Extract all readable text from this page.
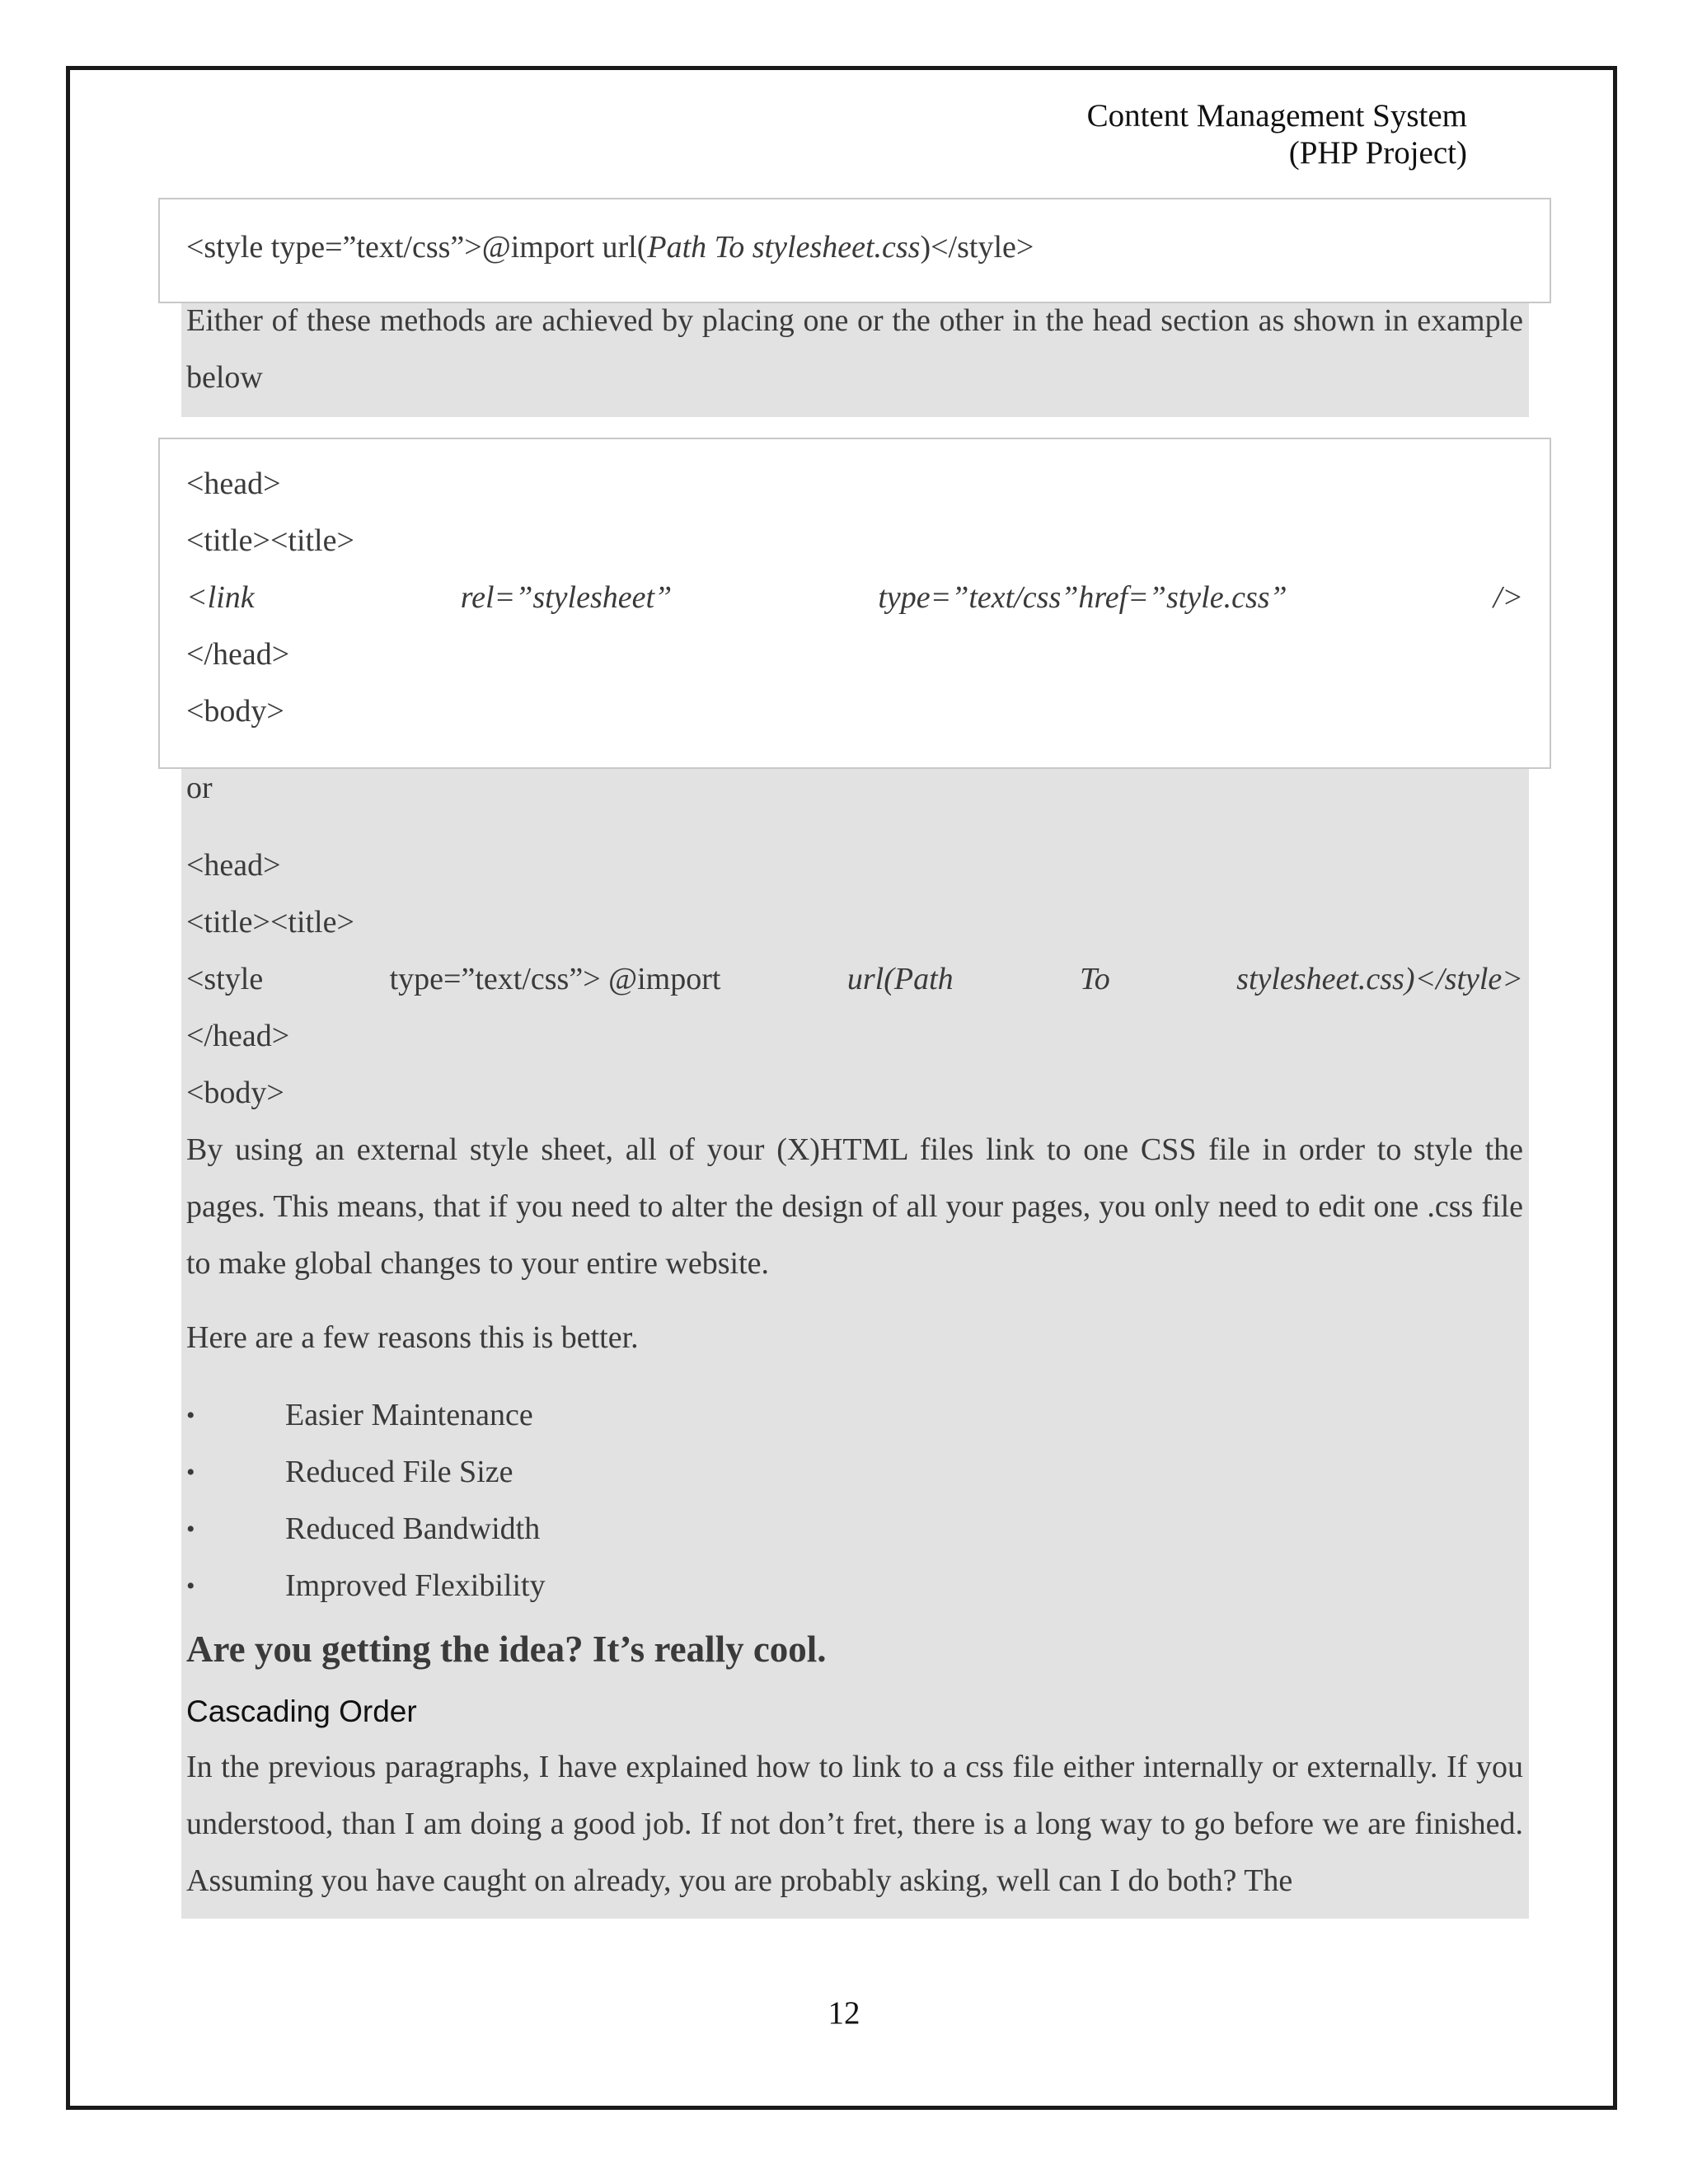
Content Management System
(PHP Project)
<style type=”text/css”>@import url(Path To stylesheet.css)</style>
Either of these methods are achieved by placing one or the other in the head section as shown in example below
<head>
<title><title>
<link	rel=”stylesheet”	type=”text/css”href=”style.css”	/>
</head>
<body>
or
<head>
<title><title>
<style	type=”text/css”> @import	url(Path	To	stylesheet.css)</style>
</head>
<body>
By using an external style sheet, all of your (X)HTML files link to one CSS file in order to style the pages. This means, that if you need to alter the design of all your pages, you only need to edit one .css file to make global changes to your entire website.
Here are a few reasons this is better.
•	Easier Maintenance
•	Reduced File Size
•	Reduced Bandwidth
•	Improved Flexibility
Are you getting the idea? It’s really cool.
Cascading Order
In the previous paragraphs, I have explained how to link to a css file either internally or externally. If you understood, than I am doing a good job. If not don’t fret, there is a long way to go before we are finished. Assuming you have caught on already, you are probably asking, well can I do both? The
12
